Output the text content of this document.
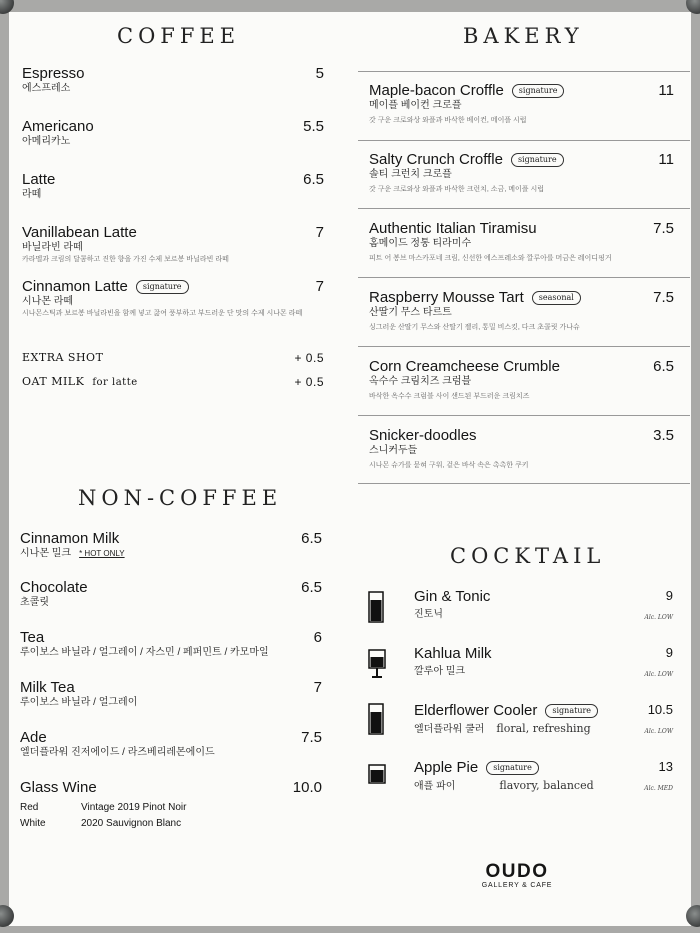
COFFEE
Espresso
에스프레소
5
Americano
아메리카노
5.5
Latte
라떼
6.5
Vanillabean Latte
바닐라빈 라떼
카라멜과 크림의 달콤하고 진한 향을 가진 수제 보르봉 바닐라빈 라떼
7
Cinnamon Latte signature
시나몬 라떼
시나몬스틱과 보르봉 바닐라빈을 함께 넣고 끓여 풍부하고 부드러운 단 맛의 수제 시나몬 라떼
7
EXTRA SHOT	+ 0.5
OAT MILK for latte	+ 0.5
NON-COFFEE
Cinnamon Milk
시나몬 밀크 * HOT ONLY
6.5
Chocolate
초콜릿
6.5
Tea
루이보스 바닐라 / 얼그레이 / 자스민 / 페퍼민트 / 카모마일
6
Milk Tea
루이보스 바닐라 / 얼그레이
7
Ade
엘더플라워 진저에이드 / 라즈베리레몬에이드
7.5
Glass Wine	10.0
Red	Vintage 2019 Pinot Noir
White	2020 Sauvignon Blanc
BAKERY
Maple-bacon Croffle signature
메이플 베이컨 크로플
갓 구운 크로와상 와플과 바삭한 베이컨, 메이플 시럽
11
Salty Crunch Croffle signature
솔티 크런치 크로플
갓 구운 크로와상 와플과 바삭한 크런치, 소금, 메이플 시럽
11
Authentic Italian Tiramisu
홈메이드 정통 티라미수
피트 어 봉브 마스카포네 크림, 신선한 에스프레소와 깔루아를 머금은 레이디핑거
7.5
Raspberry Mousse Tart seasonal
산딸기 무스 타르트
싱그러운 산딸기 무스와 산딸기 젤리, 통밀 비스킷, 다크 초콜릿 가나슈
7.5
Corn Creamcheese Crumble
옥수수 크림치즈 크럼블
바삭한 옥수수 크럼블 사이 샌드된 부드러운 크림치즈
6.5
Snicker-doodles
스니커두들
시나몬 슈가를 묻혀 구워, 겉은 바삭 속은 촉촉한 쿠키
3.5
COCKTAIL
Gin & Tonic
진토닉
9
Alc. LOW
Kahlua Milk
깔루아 밀크
9
Alc. LOW
Elderflower Cooler signature
엘더플라워 쿨러 floral, refreshing
10.5
Alc. LOW
Apple Pie signature
애플 파이	flavory, balanced
13
Alc. MED
OUDO
GALLERY & CAFE
